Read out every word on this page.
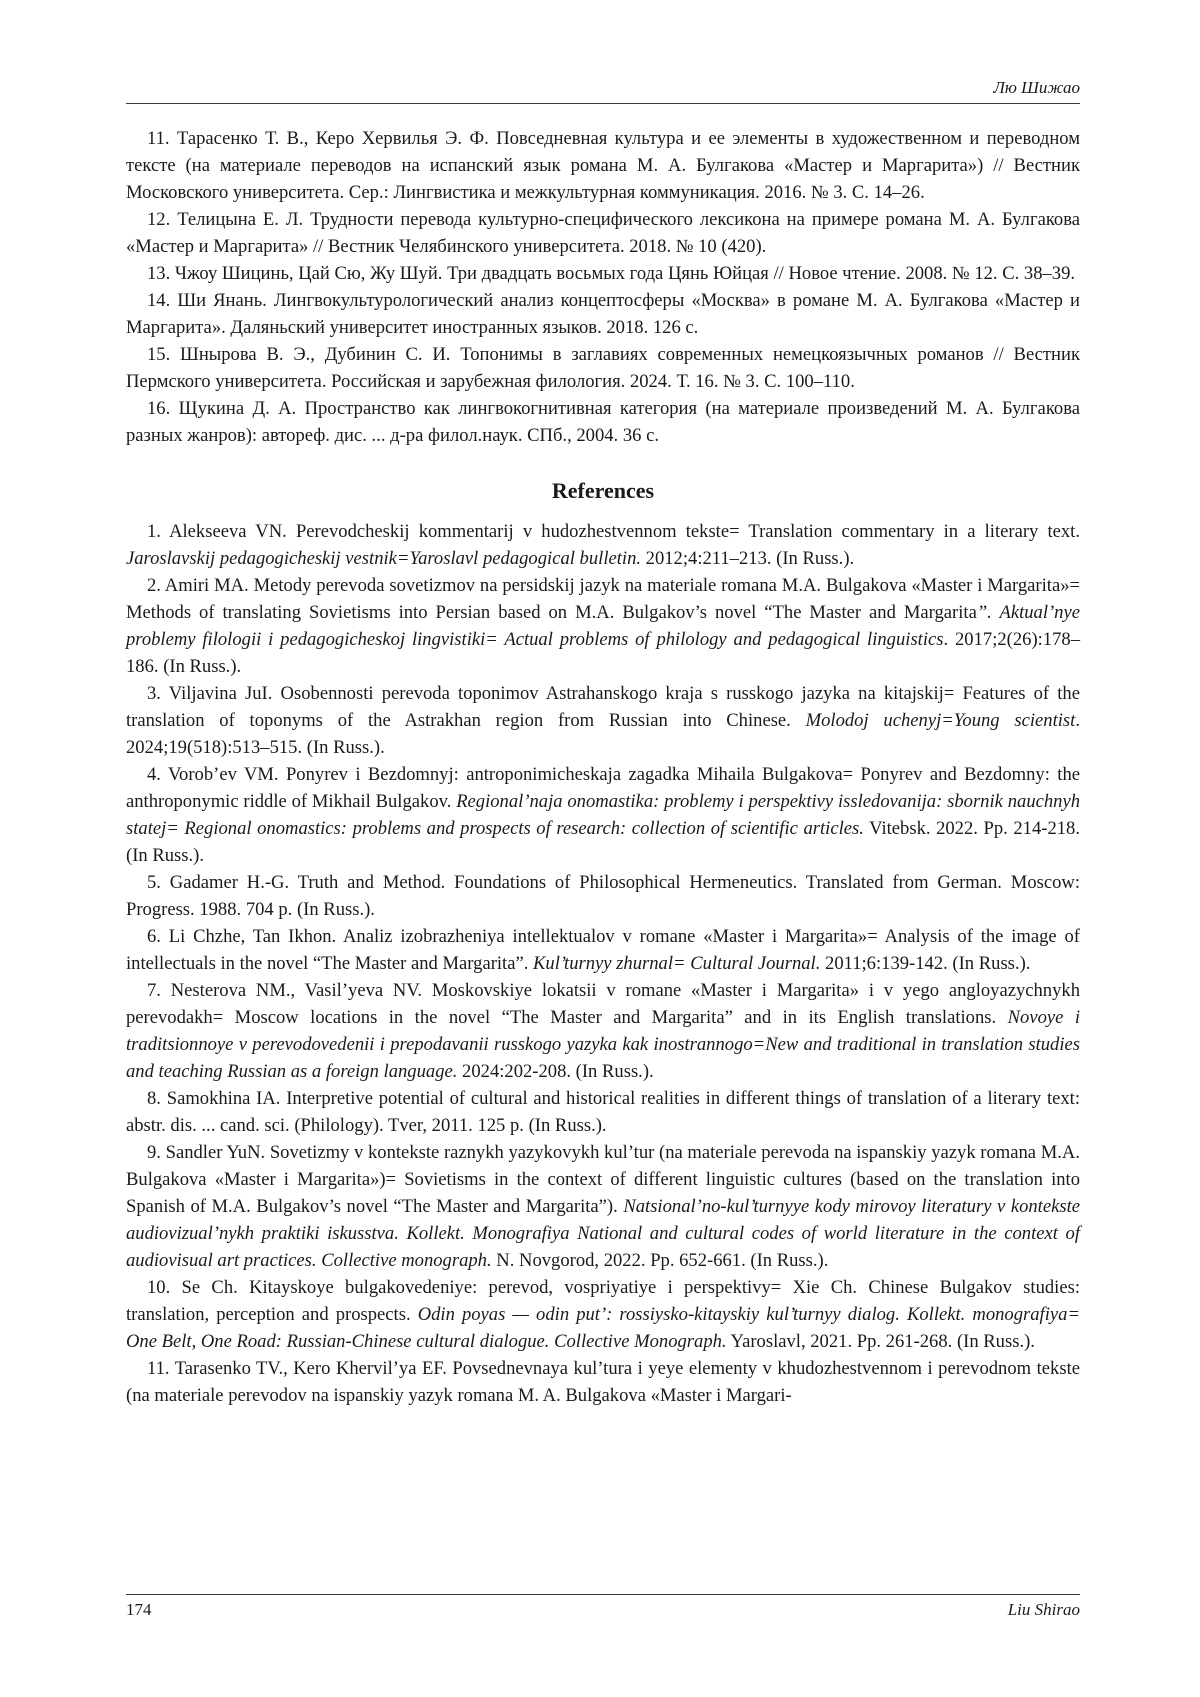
Лю Шижао

11. Тарасенко Т. В., Керо Хервилья Э. Ф. Повседневная культура и ее элементы в художественном и переводном тексте (на материале переводов на испанский язык романа М. А. Булгакова «Мастер и Маргарита») // Вестник Московского университета. Сер.: Лингвистика и межкультурная коммуникация. 2016. № 3. С. 14–26.

12. Телицына Е. Л. Трудности перевода культурно-специфического лексикона на примере романа М. А. Булгакова «Мастер и Маргарита» // Вестник Челябинского университета. 2018. № 10 (420).

13. Чжоу Шицинь, Цай Сю, Жу Шуй. Три двадцать восьмых года Цянь Юйцая // Новое чтение. 2008. № 12. С. 38–39.

14. Ши Янань. Лингвокультурологический анализ концептосферы «Москва» в романе М. А. Булгакова «Мастер и Маргарита». Даляньский университет иностранных языков. 2018. 126 с.

15. Шнырова В. Э., Дубинин С. И. Топонимы в заглавиях современных немецкоязычных романов // Вестник Пермского университета. Российская и зарубежная филология. 2024. Т. 16. № 3. С. 100–110.

16. Щукина Д. А. Пространство как лингвокогнитивная категория (на материале произведений М. А. Булгакова разных жанров): автореф. дис. ... д-ра филол.наук. СПб., 2004. 36 с.

References

1. Alekseeva VN. Perevodcheskij kommentarij v hudozhestvennom tekste= Translation commentary in a literary text. Jaroslavskij pedagogicheskij vestnik=Yaroslavl pedagogical bulletin. 2012;4:211–213. (In Russ.).

2. Amiri MA. Metody perevoda sovetizmov na persidskij jazyk na materiale romana M.A. Bulgakova «Master i Margarita»= Methods of translating Sovietisms into Persian based on M.A. Bulgakov’s novel “The Master and Margarita”. Aktual’nye problemy filologii i pedagogicheskoj lingvistiki= Actual problems of philology and pedagogical linguistics. 2017;2(26):178–186. (In Russ.).

3. Viljavina JuI. Osobennosti perevoda toponimov Astrahanskogo kraja s russkogo jazyka na kitajskij= Features of the translation of toponyms of the Astrakhan region from Russian into Chinese. Molodoj uchenyj=Young scientist. 2024;19(518):513–515. (In Russ.).

4. Vorob’ev VM. Ponyrev i Bezdomnyj: antroponimicheskaja zagadka Mihaila Bulgakova= Ponyrev and Bezdomny: the anthroponymic riddle of Mikhail Bulgakov. Regional’naja onomastika: problemy i perspektivy issledovanija: sbornik nauchnyh statej= Regional onomastics: problems and prospects of research: collection of scientific articles. Vitebsk. 2022. Pp. 214-218. (In Russ.).

5. Gadamer H.-G. Truth and Method. Foundations of Philosophical Hermeneutics. Translated from German. Moscow: Progress. 1988. 704 p. (In Russ.).

6. Li Chzhe, Tan Ikhon. Analiz izobrazheniya intellektualov v romane «Master i Margarita»= Analysis of the image of intellectuals in the novel “The Master and Margarita”. Kul’turnyy zhurnal= Cultural Journal. 2011;6:139-142. (In Russ.).

7. Nesterova NM., Vasil’yeva NV. Moskovskiye lokatsii v romane «Master i Margarita» i v yego angloyazychnykh perevodakh= Moscow locations in the novel “The Master and Margarita” and in its English translations. Novoye i traditsionnoye v perevodovedenii i prepodavanii russkogo yazyka kak inostrannogo=New and traditional in translation studies and teaching Russian as a foreign language. 2024:202-208. (In Russ.).

8. Samokhina IA. Interpretive potential of cultural and historical realities in different things of translation of a literary text: abstr. dis. ... cand. sci. (Philology). Tver, 2011. 125 p. (In Russ.).

9. Sandler YuN. Sovetizmy v kontekste raznykh yazykovykh kul’tur (na materiale perevoda na ispanskiy yazyk romana M.A. Bulgakova «Master i Margarita»)= Sovietisms in the context of different linguistic cultures (based on the translation into Spanish of M.A. Bulgakov’s novel “The Master and Margarita”). Natsional’no-kul’turnyye kody mirovoy literatury v kontekste audiovizual’nykh praktiki iskusstva. Kollekt. Monografiya National and cultural codes of world literature in the context of audiovisual art practices. Collective monograph. N. Novgorod, 2022. Pp. 652-661. (In Russ.).

10. Se Ch. Kitayskoye bulgakovedeniye: perevod, vospriyatiye i perspektivy= Xie Ch. Chinese Bulgakov studies: translation, perception and prospects. Odin poyas — odin put’: rossiysko-kitayskiy kul’turnyy dialog. Kollekt. monografiya= One Belt, One Road: Russian-Chinese cultural dialogue. Collective Monograph. Yaroslavl, 2021. Pp. 261-268. (In Russ.).

11. Tarasenko TV., Kero Khervil’ya EF. Povsednevnaya kul’tura i yeye elementy v khudozhestvennom i perevodnom tekste (na materiale perevodov na ispanskiy yazyk romana M. A. Bulgakova «Master i Margari-

174	Liu Shirao
